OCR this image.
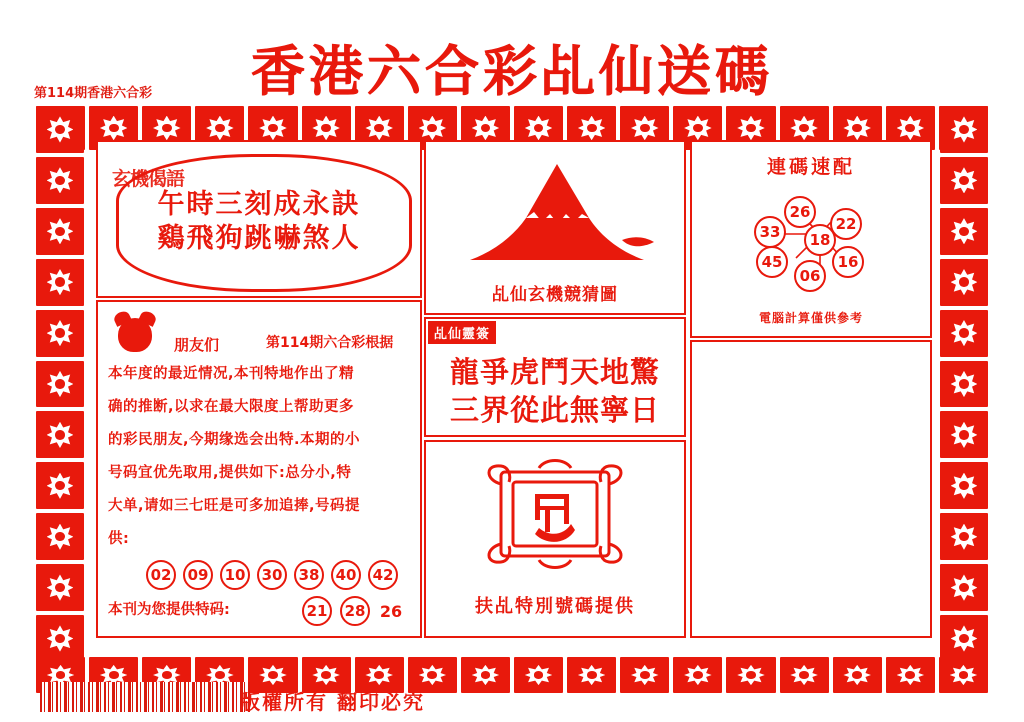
第114期香港六合彩	香港六合彩乩仙送碼
玄機偈語
午時三刻成永訣
鷄飛狗跳嚇煞人
朋友们	第114期六合彩根据
本年度的最近情况,本刊特地作出了精
确的推断,以求在最大限度上帮助更多
的彩民朋友,今期缘选会出特.本期的小
号码宜优先取用,提供如下:总分小,特
大单,请如三七旺是可多加追捧,号码提
供:
02	09	10	30	38	40	42
本刊为您提供特码:	21	28 26
乩仙玄機競猜圖
乩仙靈簽
龍爭虎鬥天地驚
三界從此無寧日
扶乩特別號碼提供
連碼速配
26
22
33	18
45	16
06
電腦計算僅供參考
版權所有 翻印必究
